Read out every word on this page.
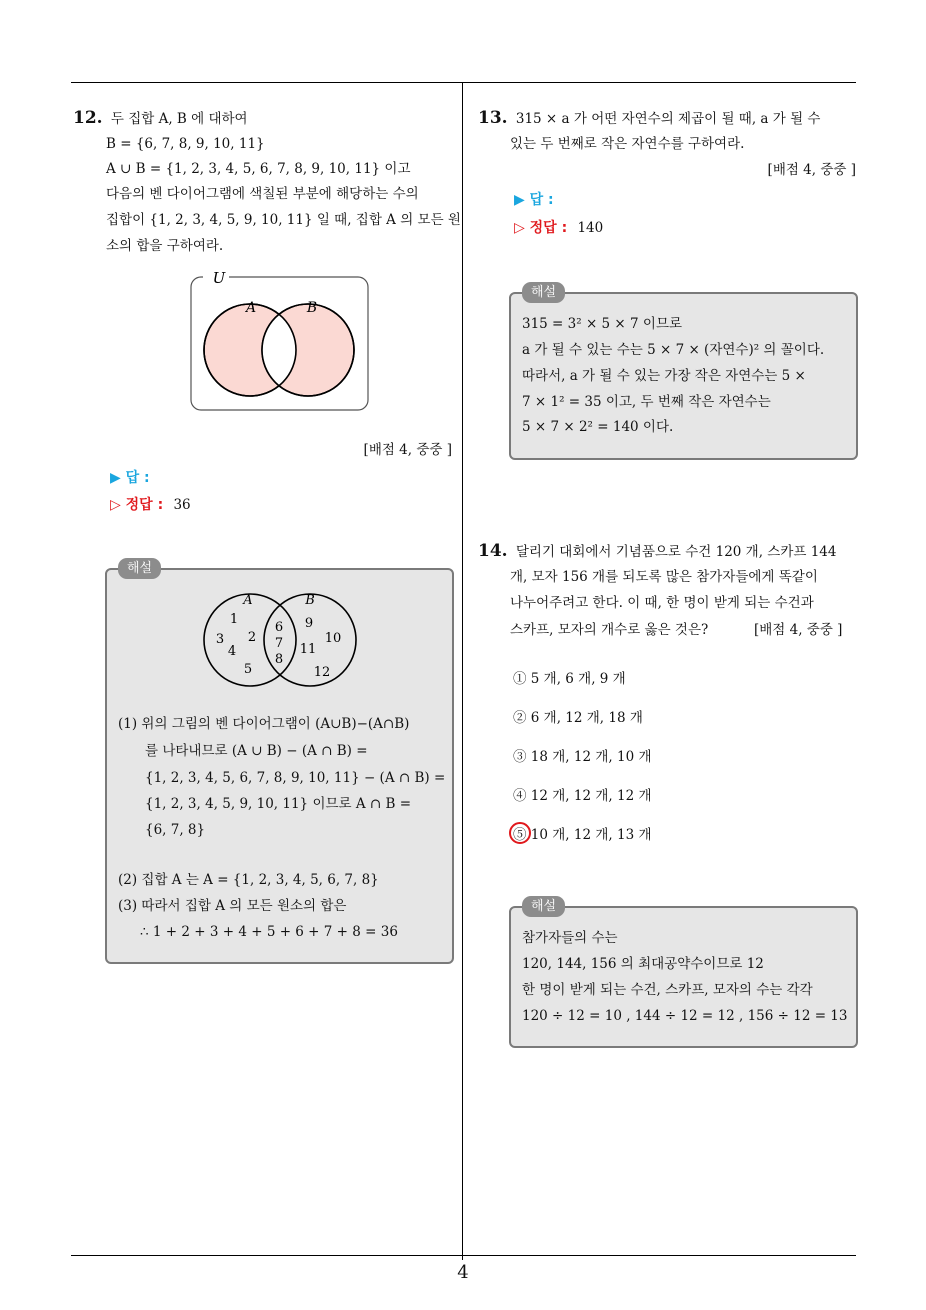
4
12. 두 집합 A, B 에 대하여
B = {6, 7, 8, 9, 10, 11}
A ∪ B = {1, 2, 3, 4, 5, 6, 7, 8, 9, 10, 11} 이고
다음의 벤 다이어그램에 색칠된 부분에 해당하는 수의
집합이 {1, 2, 3, 4, 5, 9, 10, 11} 일 때, 집합 A 의 모든 원
소의 합을 구하여라.
U
A	B
[배점 4, 중중 ]
▶ 답 :
▷ 정답 : 36
해설
A	B
1
3 2
4
5
6
7
8
9
10
11
12
(1) 위의 그림의 벤 다이어그램이 (A∪B)−(A∩B)
를 나타내므로 (A ∪ B) − (A ∩ B) =
{1, 2, 3, 4, 5, 6, 7, 8, 9, 10, 11} − (A ∩ B) =
{1, 2, 3, 4, 5, 9, 10, 11} 이므로 A ∩ B =
{6, 7, 8}
(2) 집합 A 는 A = {1, 2, 3, 4, 5, 6, 7, 8}
(3) 따라서 집합 A 의 모든 원소의 합은
∴ 1 + 2 + 3 + 4 + 5 + 6 + 7 + 8 = 36
13. 315 × a 가 어떤 자연수의 제곱이 될 때, a 가 될 수
있는 두 번째로 작은 자연수를 구하여라.
[배점 4, 중중 ]
▶ 답 :
▷ 정답 : 140
해설
315 = 3² × 5 × 7 이므로
a 가 될 수 있는 수는 5 × 7 × (자연수)² 의 꼴이다.
따라서, a 가 될 수 있는 가장 작은 자연수는 5 ×
7 × 1² = 35 이고, 두 번째 작은 자연수는
5 × 7 × 2² = 140 이다.
14. 달리기 대회에서 기념품으로 수건 120 개, 스카프 144
개, 모자 156 개를 되도록 많은 참가자들에게 똑같이
나누어주려고 한다. 이 때, 한 명이 받게 되는 수건과
스카프, 모자의 개수로 옳은 것은?	[배점 4, 중중 ]
① 5 개, 6 개, 9 개
② 6 개, 12 개, 18 개
③ 18 개, 12 개, 10 개
④ 12 개, 12 개, 12 개
⑤ 10 개, 12 개, 13 개
해설
참가자들의 수는
120, 144, 156 의 최대공약수이므로 12
한 명이 받게 되는 수건, 스카프, 모자의 수는 각각
120 ÷ 12 = 10 , 144 ÷ 12 = 12 , 156 ÷ 12 = 13
